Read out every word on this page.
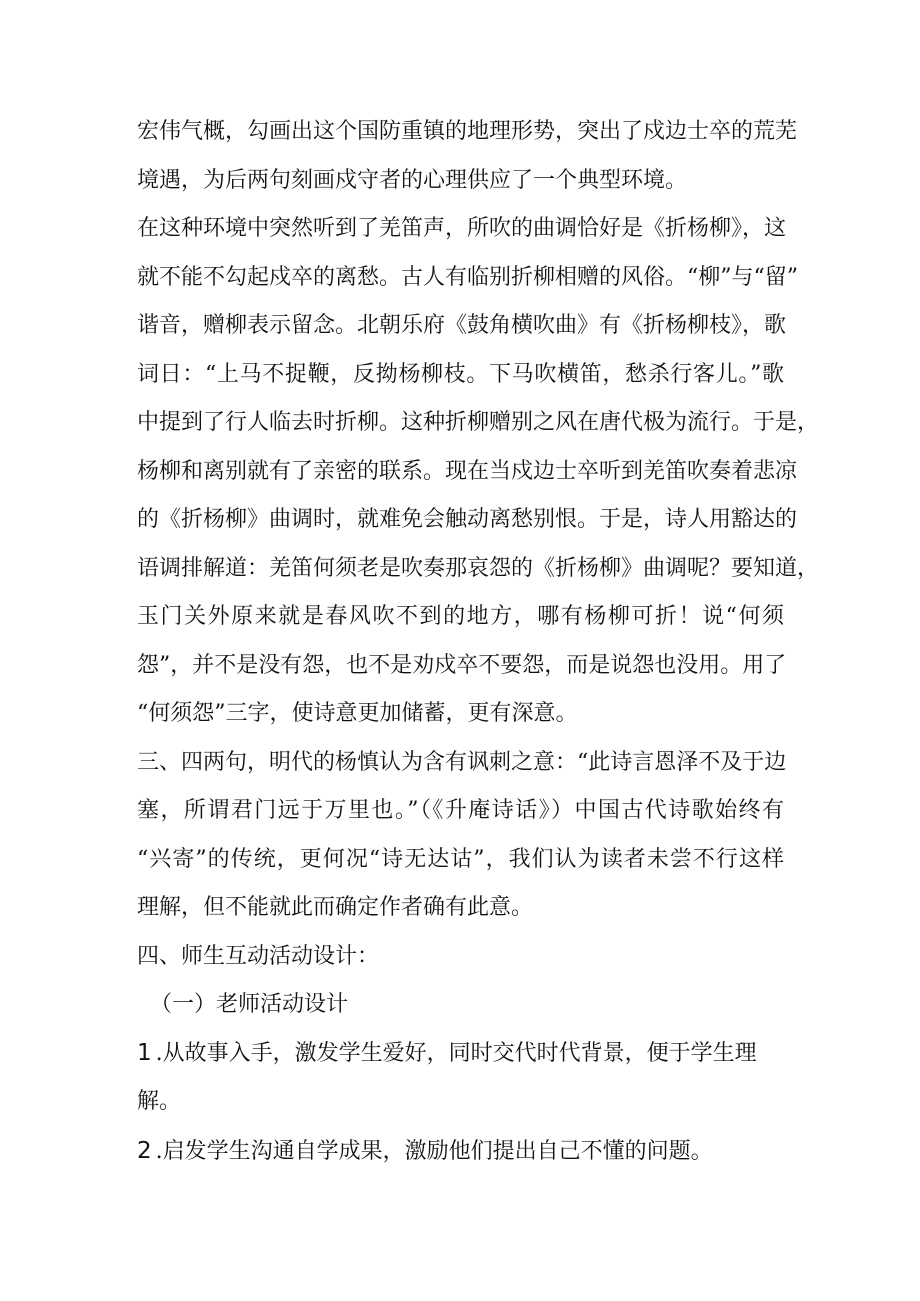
宏伟气概，勾画出这个国防重镇的地理形势，突出了戍边士卒的荒芜
境遇，为后两句刻画戍守者的心理供应了一个典型环境。
在这种环境中突然听到了羌笛声，所吹的曲调恰好是《折杨柳》，这
就不能不勾起戍卒的离愁。古人有临别折柳相赠的风俗。“柳”与“留”
谐音，赠柳表示留念。北朝乐府《鼓角横吹曲》有《折杨柳枝》，歌
词日：“上马不捉鞭，反拗杨柳枝。下马吹横笛，愁杀行客儿。”歌
中提到了行人临去时折柳。这种折柳赠别之风在唐代极为流行。于是，
杨柳和离别就有了亲密的联系。现在当戍边士卒听到羌笛吹奏着悲凉
的《折杨柳》曲调时，就难免会触动离愁别恨。于是，诗人用豁达的
语调排解道：羌笛何须老是吹奏那哀怨的《折杨柳》曲调呢？要知道，
玉门关外原来就是春风吹不到的地方，哪有杨柳可折！说“何须
怨”，并不是没有怨，也不是劝戍卒不要怨，而是说怨也没用。用了
“何须怨”三字，使诗意更加储蓄，更有深意。
三、四两句，明代的杨慎认为含有讽刺之意：“此诗言恩泽不及于边
塞，所谓君门远于万里也。”（《升庵诗话》）中国古代诗歌始终有
“兴寄”的传统，更何况“诗无达诂”，我们认为读者未尝不行这样
理解，但不能就此而确定作者确有此意。
四、师生互动活动设计：
（一）老师活动设计
1 .从故事入手，激发学生爱好，同时交代时代背景，便于学生理
解。
2 .启发学生沟通自学成果，激励他们提出自己不懂的问题。
